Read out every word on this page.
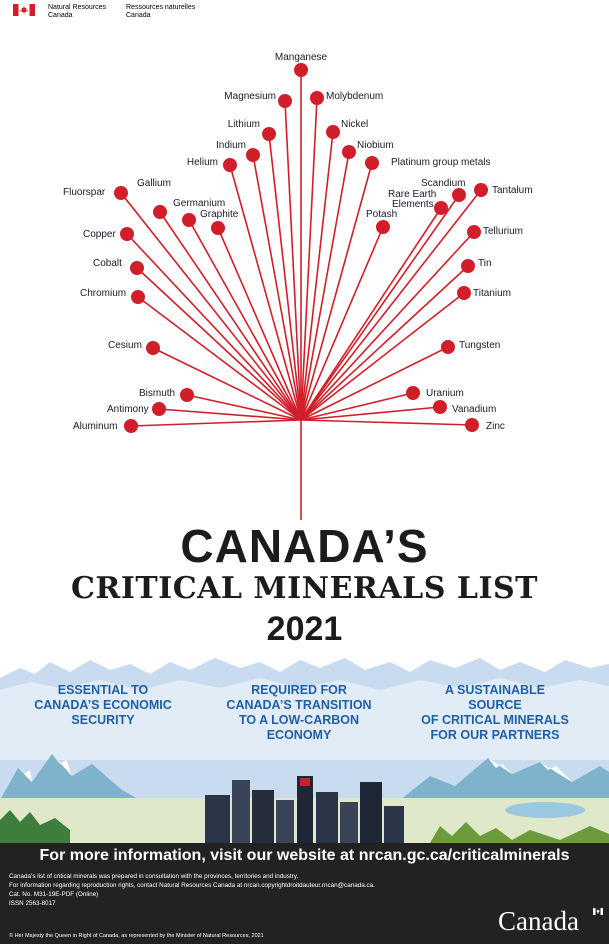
Natural Resources
Canada
Ressources naturelles
Canada
Manganese
Magnesium	Molybdenum
Lithium	Nickel
Indium	Niobium
Helium	Platinum group metals
Gallium	Scandium
Fluorspar	Tantalum
Germanium
Rare Earth
Elements
Graphite	Potash
Copper	Tellurium
Cobalt	Tin
Chromium	Titanium
Cesium	Tungsten
Bismuth	Uranium
Antimony	Vanadium
Aluminum	Zinc
CANADA’S
CRITICAL MINERALS LIST
2021
ESSENTIAL TO
CANADA’S ECONOMIC
SECURITY
REQUIRED FOR
CANADA’S TRANSITION
TO A LOW-CARBON
ECONOMY
A SUSTAINABLE
SOURCE
OF CRITICAL MINERALS
FOR OUR PARTNERS
For more information, visit our website at nrcan.gc.ca/criticalminerals
Canada’s list of critical minerals was prepared in consultation with the provinces, territories and industry.
For information regarding reproduction rights, contact Natural Resources Canada at nrcan.copyrightdroitdauteur.rncan@canada.ca.
Cat. No. M31-19E-PDF (Online)
ISSN 2563-8017
© Her Majesty the Queen in Right of Canada, as represented by the Minister of Natural Resources, 2021	Canada
